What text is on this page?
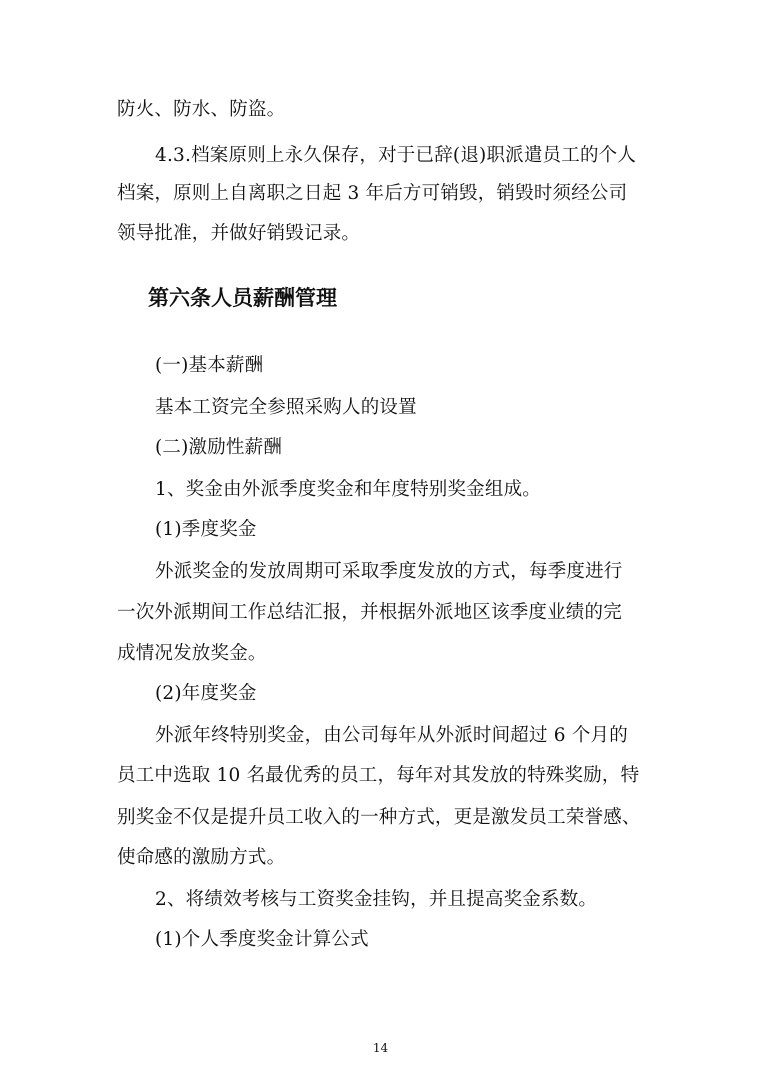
防火、防水、防盗。
4.3.档案原则上永久保存，对于已辞(退)职派遣员工的个人
档案，原则上自离职之日起 3 年后方可销毁，销毁时须经公司
领导批准，并做好销毁记录。
第六条人员薪酬管理
(一)基本薪酬
基本工资完全参照采购人的设置
(二)激励性薪酬
1、奖金由外派季度奖金和年度特别奖金组成。
(1)季度奖金
外派奖金的发放周期可采取季度发放的方式，每季度进行
一次外派期间工作总结汇报，并根据外派地区该季度业绩的完
成情况发放奖金。
(2)年度奖金
外派年终特别奖金，由公司每年从外派时间超过 6 个月的
员工中选取 10 名最优秀的员工，每年对其发放的特殊奖励，特
别奖金不仅是提升员工收入的一种方式，更是激发员工荣誉感、
使命感的激励方式。
2、将绩效考核与工资奖金挂钩，并且提高奖金系数。
(1)个人季度奖金计算公式
14
